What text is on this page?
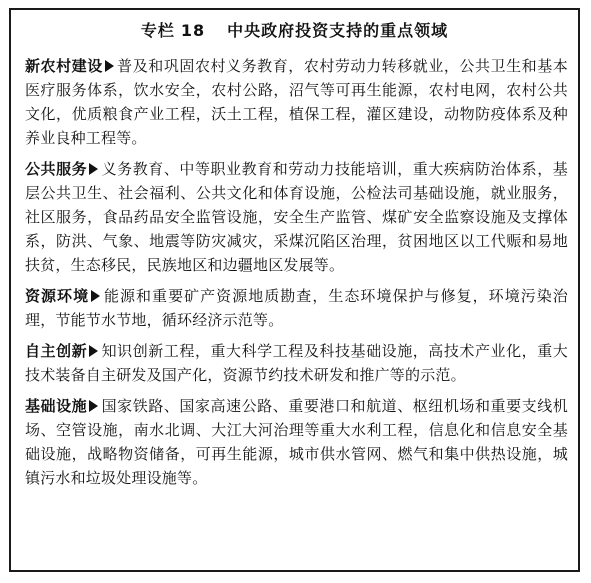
专栏 18 中央政府投资支持的重点领域
新农村建设 普及和巩固农村义务教育，农村劳动力转移就业，公共卫生和基本医疗服务体系，饮水安全，农村公路，沼气等可再生能源，农村电网，农村公共文化，优质粮食产业工程，沃土工程，植保工程，灌区建设，动物防疫体系及种养业良种工程等。
公共服务 义务教育、中等职业教育和劳动力技能培训，重大疾病防治体系，基层公共卫生、社会福利、公共文化和体育设施，公检法司基础设施，就业服务，社区服务，食品药品安全监管设施，安全生产监管、煤矿安全监察设施及支撑体系，防洪、气象、地震等防灾减灾，采煤沉陷区治理，贫困地区以工代赈和易地扶贫，生态移民，民族地区和边疆地区发展等。
资源环境 能源和重要矿产资源地质勘查，生态环境保护与修复，环境污染治理，节能节水节地，循环经济示范等。
自主创新 知识创新工程，重大科学工程及科技基础设施，高技术产业化，重大技术装备自主研发及国产化，资源节约技术研发和推广等的示范。
基础设施 国家铁路、国家高速公路、重要港口和航道、枢纽机场和重要支线机场、空管设施，南水北调、大江大河治理等重大水利工程，信息化和信息安全基础设施，战略物资储备，可再生能源，城市供水管网、燃气和集中供热设施，城镇污水和垃圾处理设施等。
